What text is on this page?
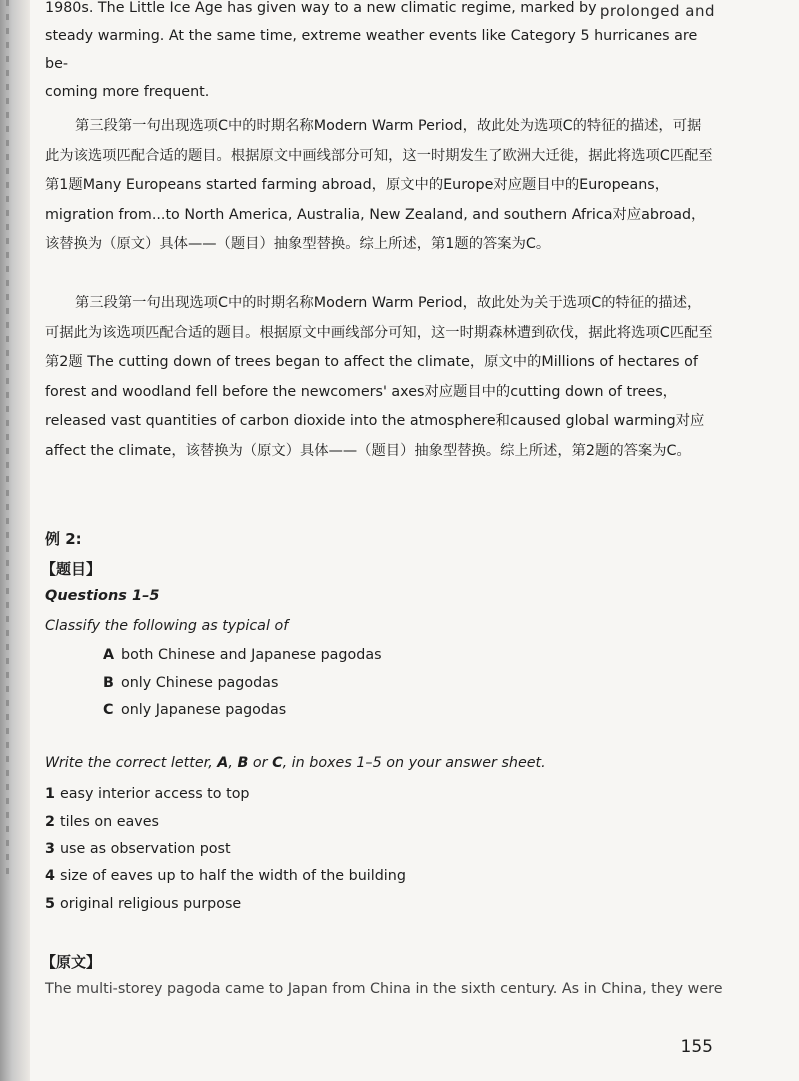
prolonged and
1980s. The Little Ice Age has given way to a new climatic regime, marked by
steady warming. At the same time, extreme weather events like Category 5 hurricanes are be-
coming more frequent.

第三段第一句出现选项C中的时期名称Modern Warm Period，故此处为选项C的特征的描述，可据此为该选项匹配合适的题目。根据原文中画线部分可知，这一时期发生了欧洲大迁徙，据此将选项C匹配至第1题Many Europeans started farming abroad，原文中的Europe对应题目中的Europeans，migration from...to North America, Australia, New Zealand, and southern Africa对应abroad，该替换为（原文）具体——（题目）抽象型替换。综上所述，第1题的答案为C。

第三段第一句出现选项C中的时期名称Modern Warm Period，故此处为关于选项C的特征的描述，可据此为该选项匹配合适的题目。根据原文中画线部分可知，这一时期森林遭到砍伐，据此将选项C匹配至第2题 The cutting down of trees began to affect the climate，原文中的Millions of hectares of forest and woodland fell before the newcomers' axes对应题目中的cutting down of trees，released vast quantities of carbon dioxide into the atmosphere和caused global warming对应affect the climate，该替换为（原文）具体——（题目）抽象型替换。综上所述，第2题的答案为C。

例 2:
【题目】
Questions 1–5
Classify the following as typical of
A both Chinese and Japanese pagodas
B only Chinese pagodas
C only Japanese pagodas
Write the correct letter, A, B or C, in boxes 1–5 on your answer sheet.
1 easy interior access to top
2 tiles on eaves
3 use as observation post
4 size of eaves up to half the width of the building
5 original religious purpose
【原文】
The multi-storey pagoda came to Japan from China in the sixth century. As in China, they were
155
